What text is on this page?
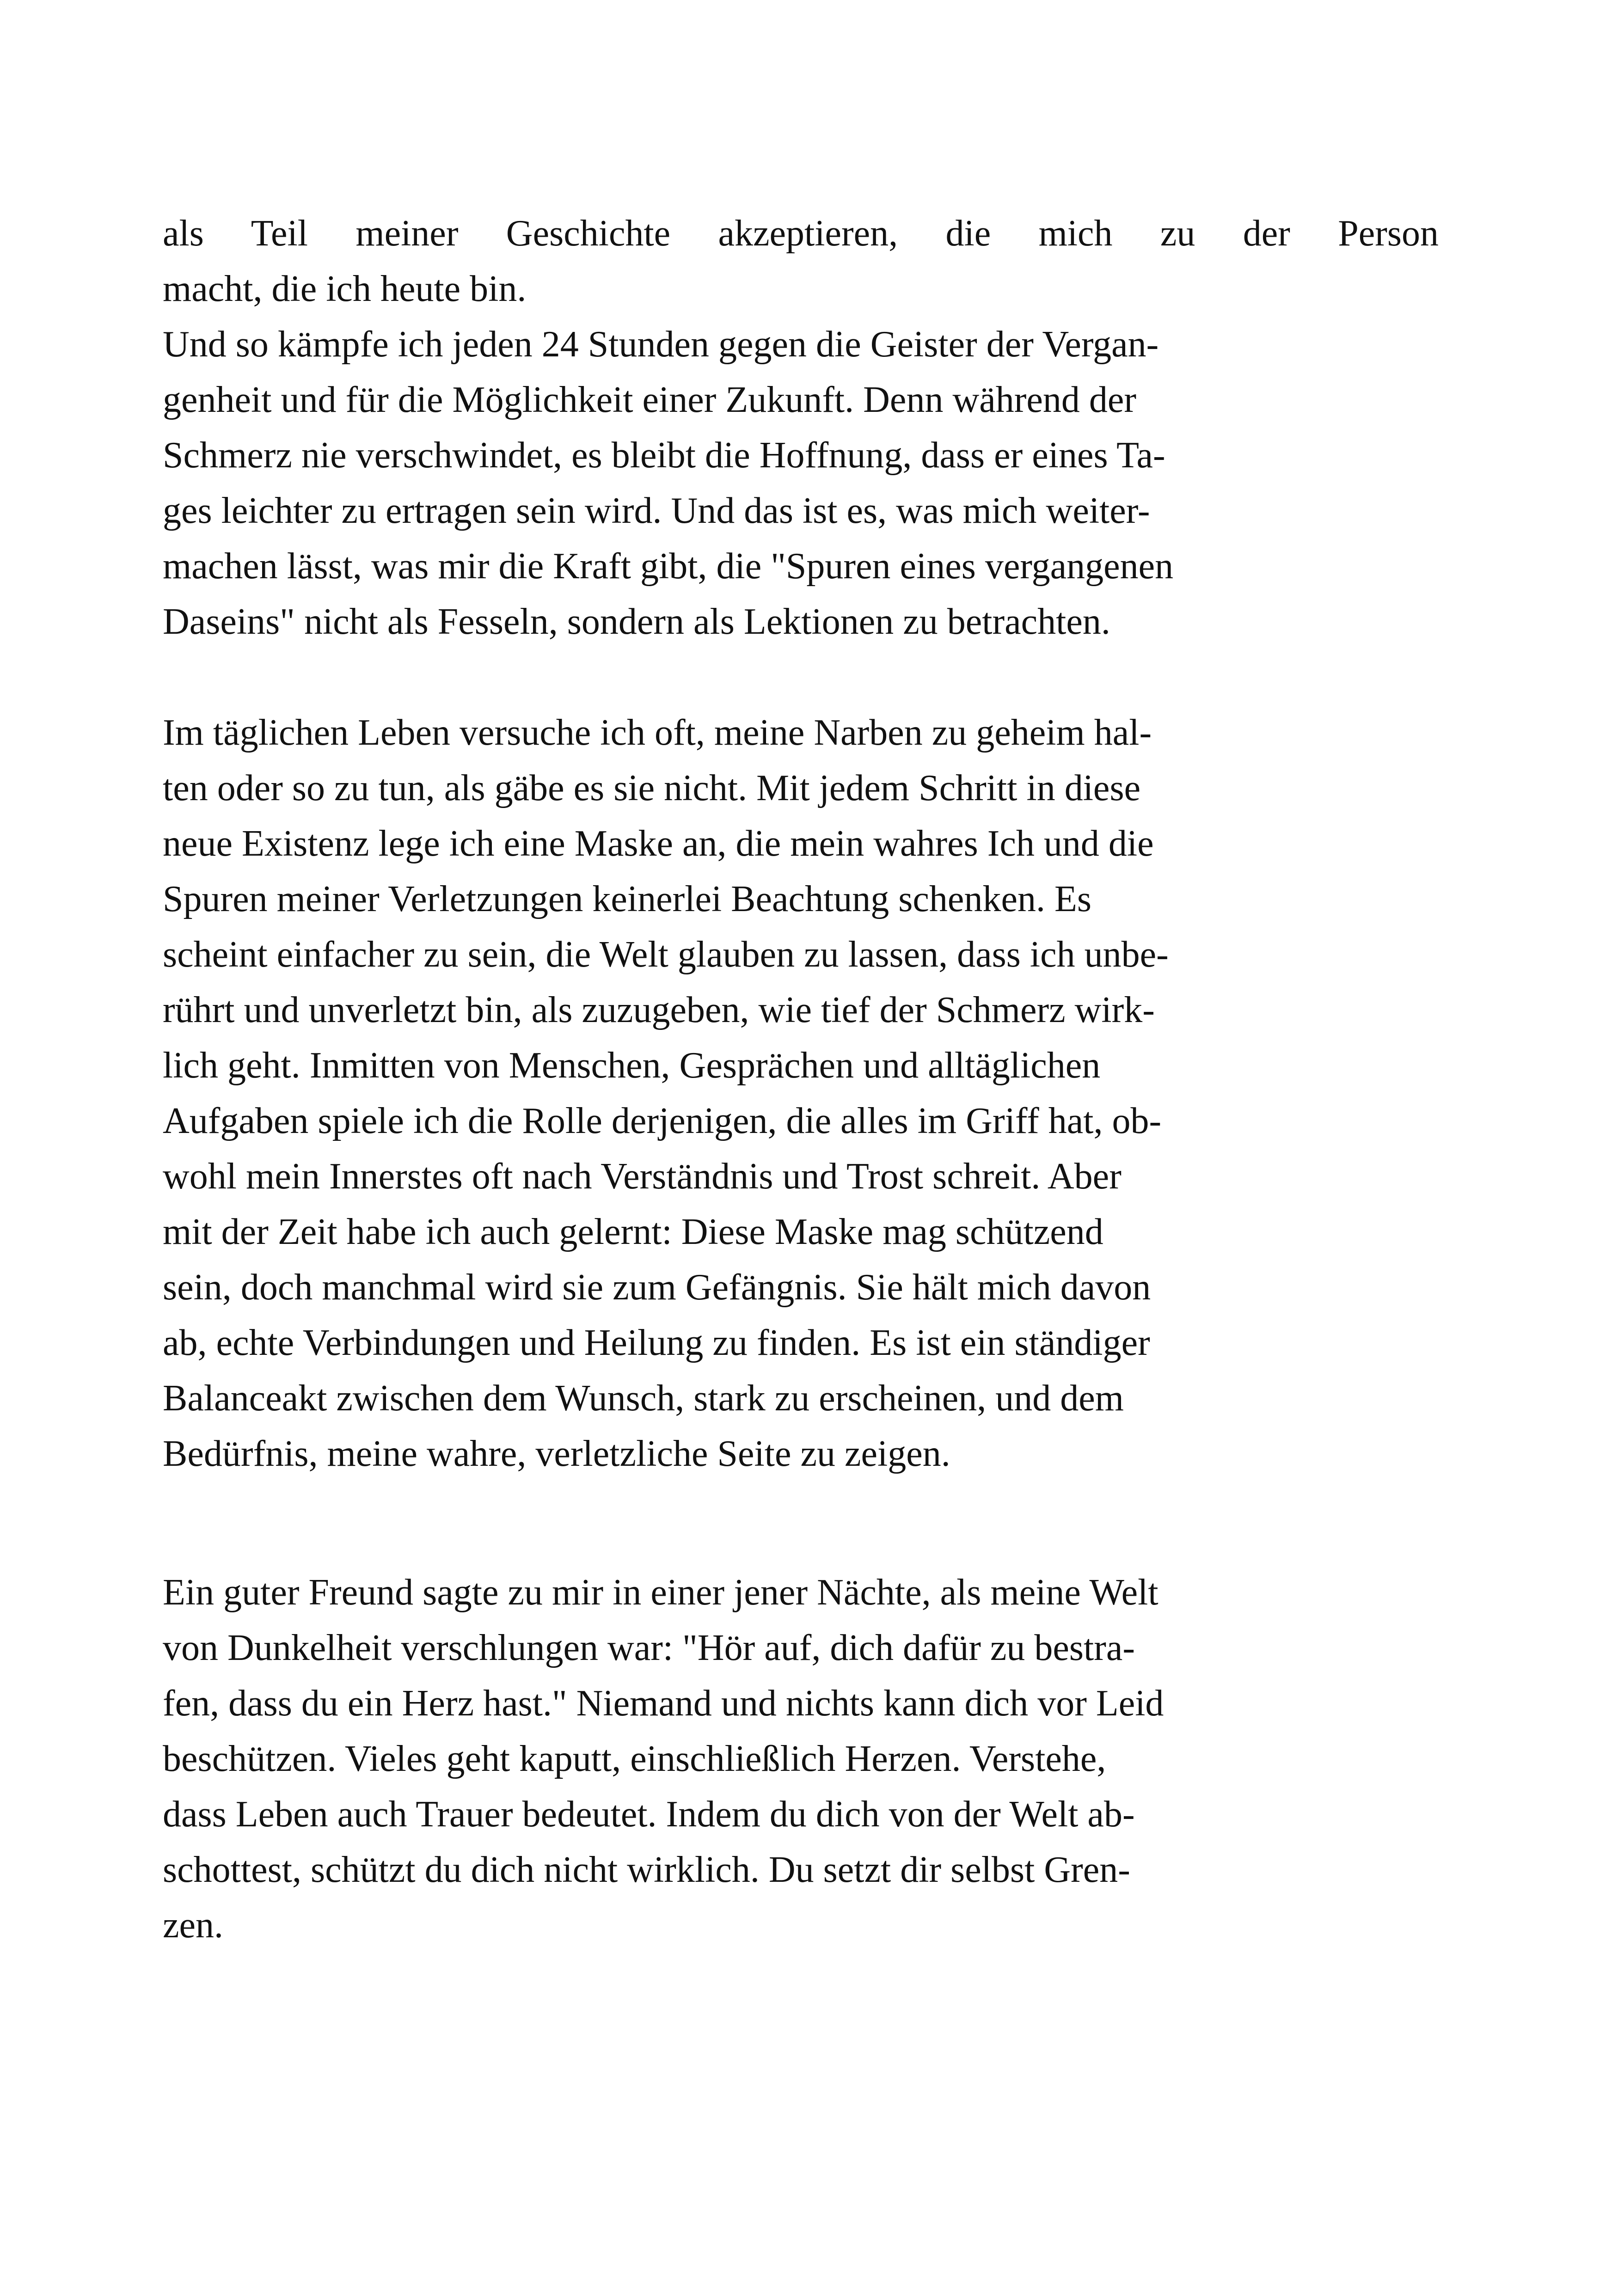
als Teil meiner Geschichte akzeptieren, die mich zu der Person
macht, die ich heute bin.
Und so kämpfe ich jeden 24 Stunden gegen die Geister der Vergan-
genheit und für die Möglichkeit einer Zukunft. Denn während der
Schmerz nie verschwindet, es bleibt die Hoffnung, dass er eines Ta-
ges leichter zu ertragen sein wird. Und das ist es, was mich weiter-
machen lässt, was mir die Kraft gibt, die "Spuren eines vergangenen
Daseins" nicht als Fesseln, sondern als Lektionen zu betrachten.
Im täglichen Leben versuche ich oft, meine Narben zu geheim hal-
ten oder so zu tun, als gäbe es sie nicht. Mit jedem Schritt in diese
neue Existenz lege ich eine Maske an, die mein wahres Ich und die
Spuren meiner Verletzungen keinerlei Beachtung schenken. Es
scheint einfacher zu sein, die Welt glauben zu lassen, dass ich unbe-
rührt und unverletzt bin, als zuzugeben, wie tief der Schmerz wirk-
lich geht. Inmitten von Menschen, Gesprächen und alltäglichen
Aufgaben spiele ich die Rolle derjenigen, die alles im Griff hat, ob-
wohl mein Innerstes oft nach Verständnis und Trost schreit. Aber
mit der Zeit habe ich auch gelernt: Diese Maske mag schützend
sein, doch manchmal wird sie zum Gefängnis. Sie hält mich davon
ab, echte Verbindungen und Heilung zu finden. Es ist ein ständiger
Balanceakt zwischen dem Wunsch, stark zu erscheinen, und dem
Bedürfnis, meine wahre, verletzliche Seite zu zeigen.
Ein guter Freund sagte zu mir in einer jener Nächte, als meine Welt
von Dunkelheit verschlungen war: "Hör auf, dich dafür zu bestra-
fen, dass du ein Herz hast." Niemand und nichts kann dich vor Leid
beschützen. Vieles geht kaputt, einschließlich Herzen. Verstehe,
dass Leben auch Trauer bedeutet. Indem du dich von der Welt ab-
schottest, schützt du dich nicht wirklich. Du setzt dir selbst Gren-
zen.
